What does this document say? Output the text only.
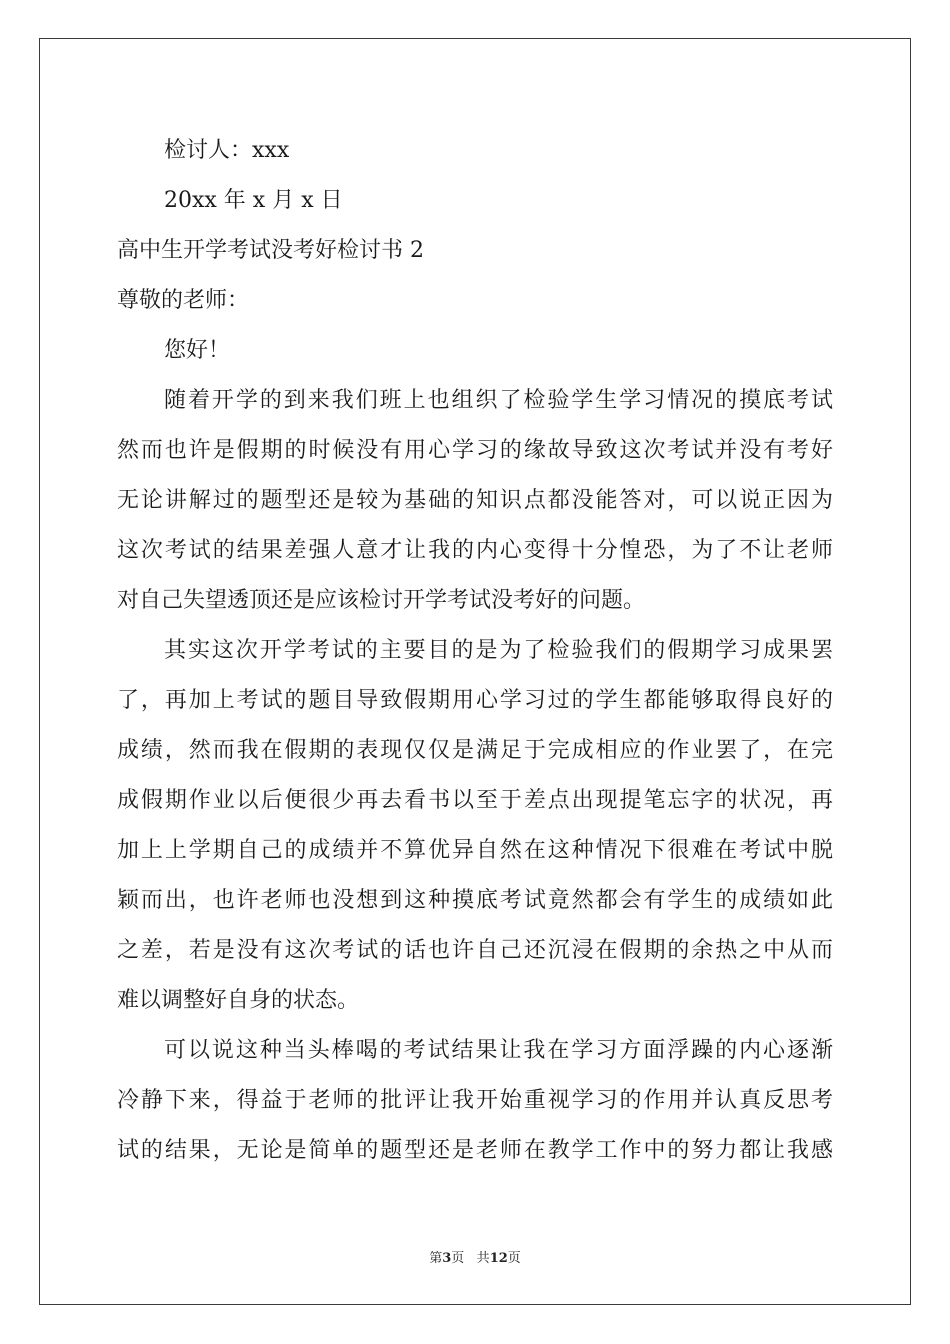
检讨人：xxx
20xx 年 x 月 x 日
高中生开学考试没考好检讨书 2
尊敬的老师：
您好！
随着开学的到来我们班上也组织了检验学生学习情况的摸底考试
然而也许是假期的时候没有用心学习的缘故导致这次考试并没有考好
无论讲解过的题型还是较为基础的知识点都没能答对，可以说正因为
这次考试的结果差强人意才让我的内心变得十分惶恐，为了不让老师
对自己失望透顶还是应该检讨开学考试没考好的问题。
其实这次开学考试的主要目的是为了检验我们的假期学习成果罢
了，再加上考试的题目导致假期用心学习过的学生都能够取得良好的
成绩，然而我在假期的表现仅仅是满足于完成相应的作业罢了，在完
成假期作业以后便很少再去看书以至于差点出现提笔忘字的状况，再
加上上学期自己的成绩并不算优异自然在这种情况下很难在考试中脱
颖而出，也许老师也没想到这种摸底考试竟然都会有学生的成绩如此
之差，若是没有这次考试的话也许自己还沉浸在假期的余热之中从而
难以调整好自身的状态。
可以说这种当头棒喝的考试结果让我在学习方面浮躁的内心逐渐
冷静下来，得益于老师的批评让我开始重视学习的作用并认真反思考
试的结果，无论是简单的题型还是老师在教学工作中的努力都让我感
第3页 共12页
